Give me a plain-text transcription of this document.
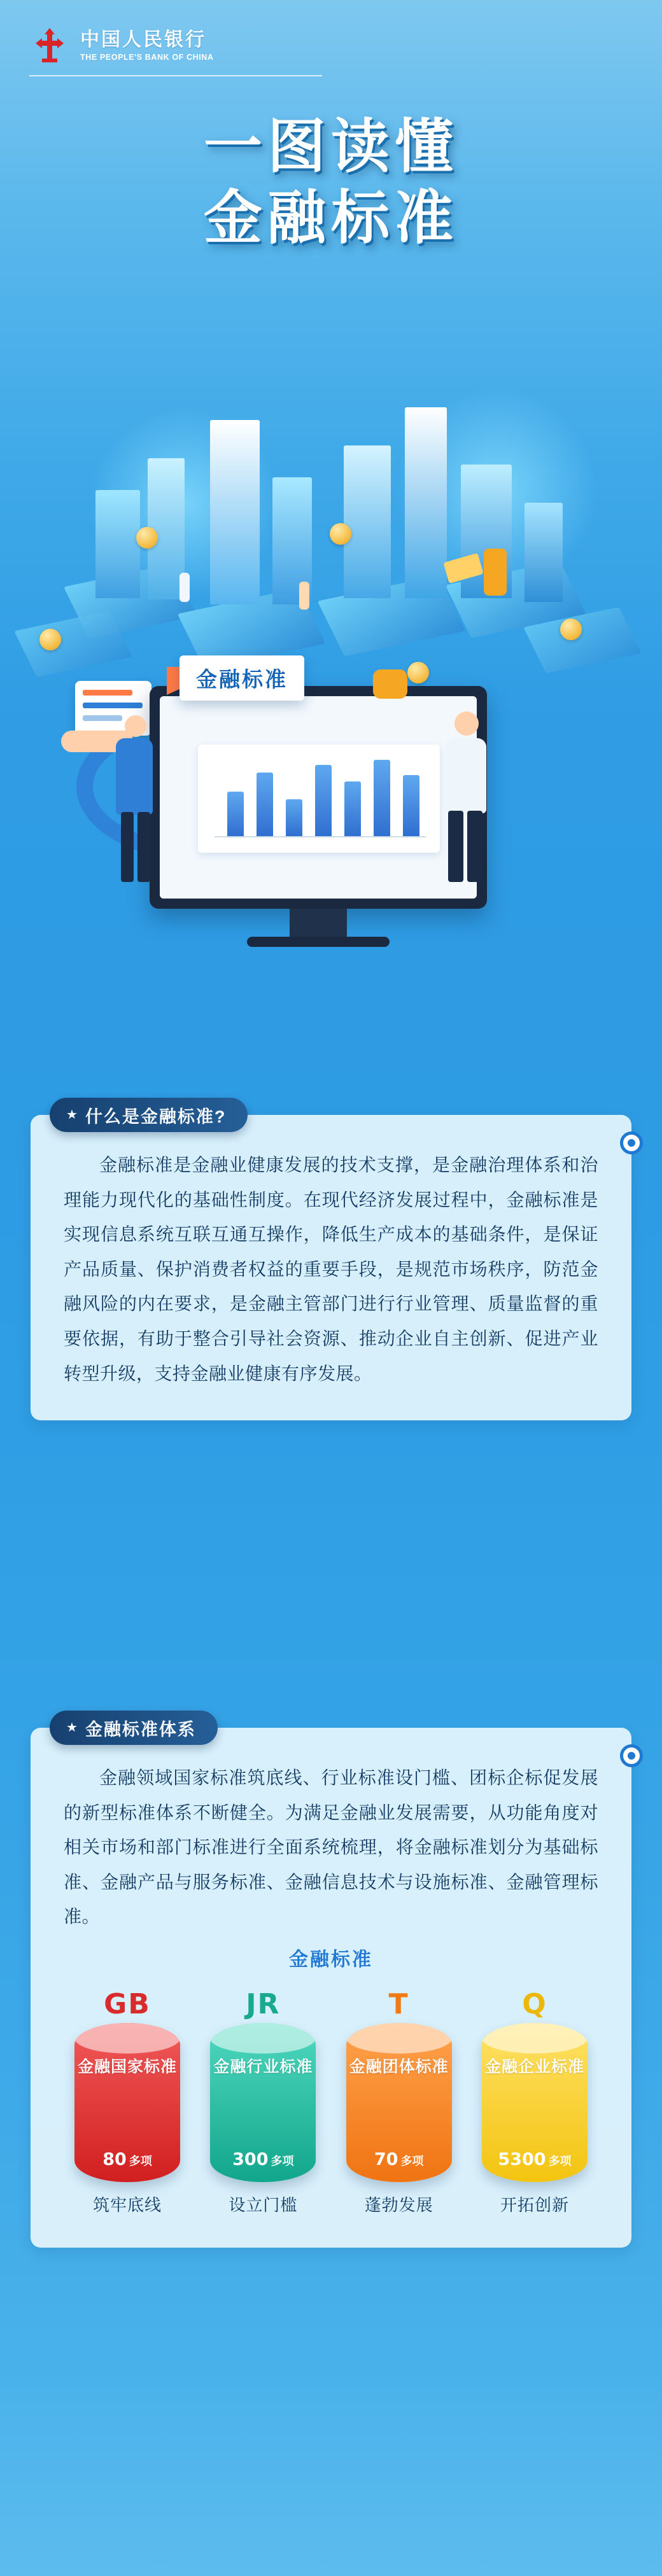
中国人民银行
THE PEOPLE'S BANK OF CHINA
一图读懂
金融标准
金融标准
★ 什么是金融标准?
金融标准是金融业健康发展的技术支撑，是金融治理体系和治理能力现代化的基础性制度。在现代经济发展过程中，金融标准是实现信息系统互联互通互操作，降低生产成本的基础条件，是保证产品质量、保护消费者权益的重要手段，是规范市场秩序，防范金融风险的内在要求，是金融主管部门进行行业管理、质量监督的重要依据，有助于整合引导社会资源、推动企业自主创新、促进产业转型升级，支持金融业健康有序发展。
★ 金融标准体系
金融领域国家标准筑底线、行业标准设门槛、团标企标促发展的新型标准体系不断健全。为满足金融业发展需要，从功能角度对相关市场和部门标准进行全面系统梳理，将金融标准划分为基础标准、金融产品与服务标准、金融信息技术与设施标准、金融管理标准。
金融标准
GB
金融国家标准
80 多项
筑牢底线
JR
金融行业标准
300 多项
设立门槛
T
金融团体标准
70 多项
蓬勃发展
Q
金融企业标准
5300 多项
开拓创新
